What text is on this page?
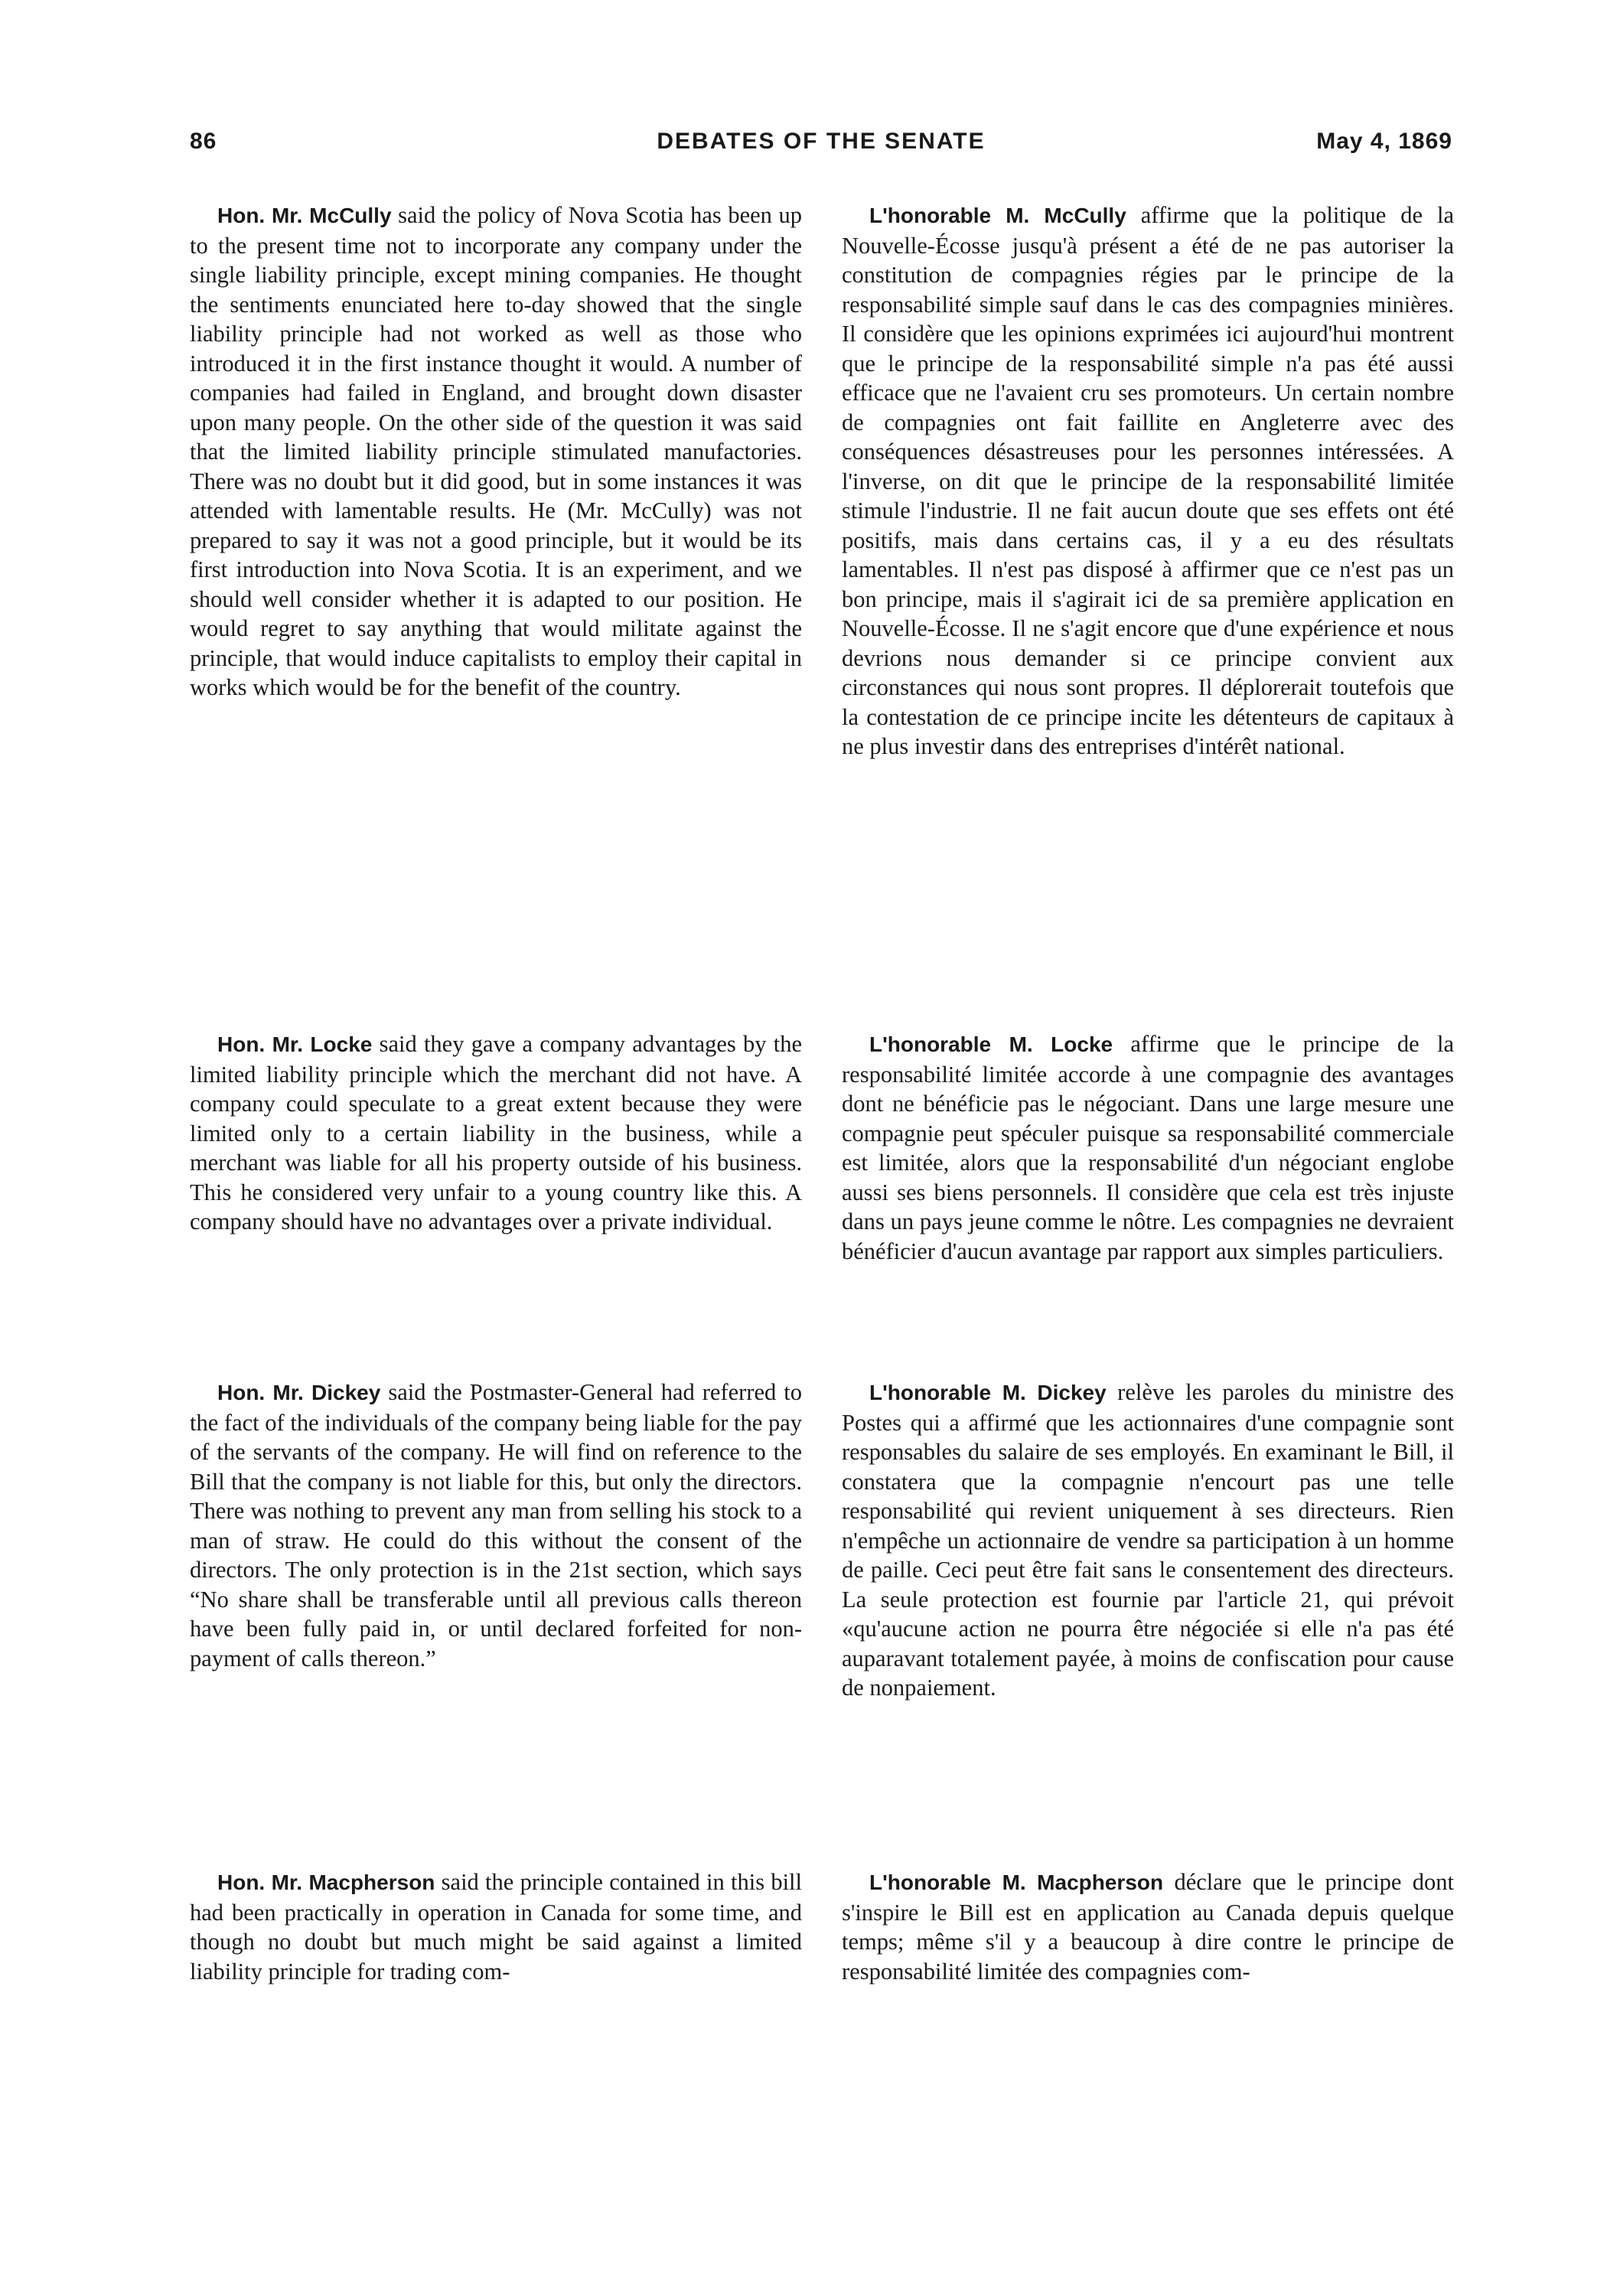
86	DEBATES OF THE SENATE	May 4, 1869

Hon. Mr. McCully said the policy of Nova Scotia has been up to the present time not to incorporate any company under the single liability principle, except mining companies. He thought the sentiments enunciated here to-day showed that the single liability principle had not worked as well as those who introduced it in the first instance thought it would. A number of companies had failed in England, and brought down disaster upon many people. On the other side of the question it was said that the limited liability principle stimulated manufactories. There was no doubt but it did good, but in some instances it was attended with lamentable results. He (Mr. McCully) was not prepared to say it was not a good principle, but it would be its first introduction into Nova Scotia. It is an experiment, and we should well consider whether it is adapted to our position. He would regret to say anything that would militate against the principle, that would induce capitalists to employ their capital in works which would be for the benefit of the country.

Hon. Mr. Locke said they gave a company advantages by the limited liability principle which the merchant did not have. A company could speculate to a great extent because they were limited only to a certain liability in the business, while a merchant was liable for all his property outside of his business. This he considered very unfair to a young country like this. A company should have no advantages over a private individual.

Hon. Mr. Dickey said the Postmaster-General had referred to the fact of the individuals of the company being liable for the pay of the servants of the company. He will find on reference to the Bill that the company is not liable for this, but only the directors. There was nothing to prevent any man from selling his stock to a man of straw. He could do this without the consent of the directors. The only protection is in the 21st section, which says “No share shall be transferable until all previous calls thereon have been fully paid in, or until declared forfeited for non-payment of calls thereon.”

Hon. Mr. Macpherson said the principle contained in this bill had been practically in operation in Canada for some time, and though no doubt but much might be said against a limited liability principle for trading com-

L'honorable M. McCully affirme que la politique de la Nouvelle-Écosse jusqu'à présent a été de ne pas autoriser la constitution de compagnies régies par le principe de la responsabilité simple sauf dans le cas des compagnies minières. Il considère que les opinions exprimées ici aujourd'hui montrent que le principe de la responsabilité simple n'a pas été aussi efficace que ne l'avaient cru ses promoteurs. Un certain nombre de compagnies ont fait faillite en Angleterre avec des conséquences désastreuses pour les personnes intéressées. A l'inverse, on dit que le principe de la responsabilité limitée stimule l'industrie. Il ne fait aucun doute que ses effets ont été positifs, mais dans certains cas, il y a eu des résultats lamentables. Il n'est pas disposé à affirmer que ce n'est pas un bon principe, mais il s'agirait ici de sa première application en Nouvelle-Écosse. Il ne s'agit encore que d'une expérience et nous devrions nous demander si ce principe convient aux circonstances qui nous sont propres. Il déplorerait toutefois que la contestation de ce principe incite les détenteurs de capitaux à ne plus investir dans des entreprises d'intérêt national.

L'honorable M. Locke affirme que le principe de la responsabilité limitée accorde à une compagnie des avantages dont ne bénéficie pas le négociant. Dans une large mesure une compagnie peut spéculer puisque sa responsabilité commerciale est limitée, alors que la responsabilité d'un négociant englobe aussi ses biens personnels. Il considère que cela est très injuste dans un pays jeune comme le nôtre. Les compagnies ne devraient bénéficier d'aucun avantage par rapport aux simples particuliers.

L'honorable M. Dickey relève les paroles du ministre des Postes qui a affirmé que les actionnaires d'une compagnie sont responsables du salaire de ses employés. En examinant le Bill, il constatera que la compagnie n'encourt pas une telle responsabilité qui revient uniquement à ses directeurs. Rien n'empêche un actionnaire de vendre sa participation à un homme de paille. Ceci peut être fait sans le consentement des directeurs. La seule protection est fournie par l'article 21, qui prévoit «qu'aucune action ne pourra être négociée si elle n'a pas été auparavant totalement payée, à moins de confiscation pour cause de nonpaiement.

L'honorable M. Macpherson déclare que le principe dont s'inspire le Bill est en application au Canada depuis quelque temps; même s'il y a beaucoup à dire contre le principe de responsabilité limitée des compagnies com-
